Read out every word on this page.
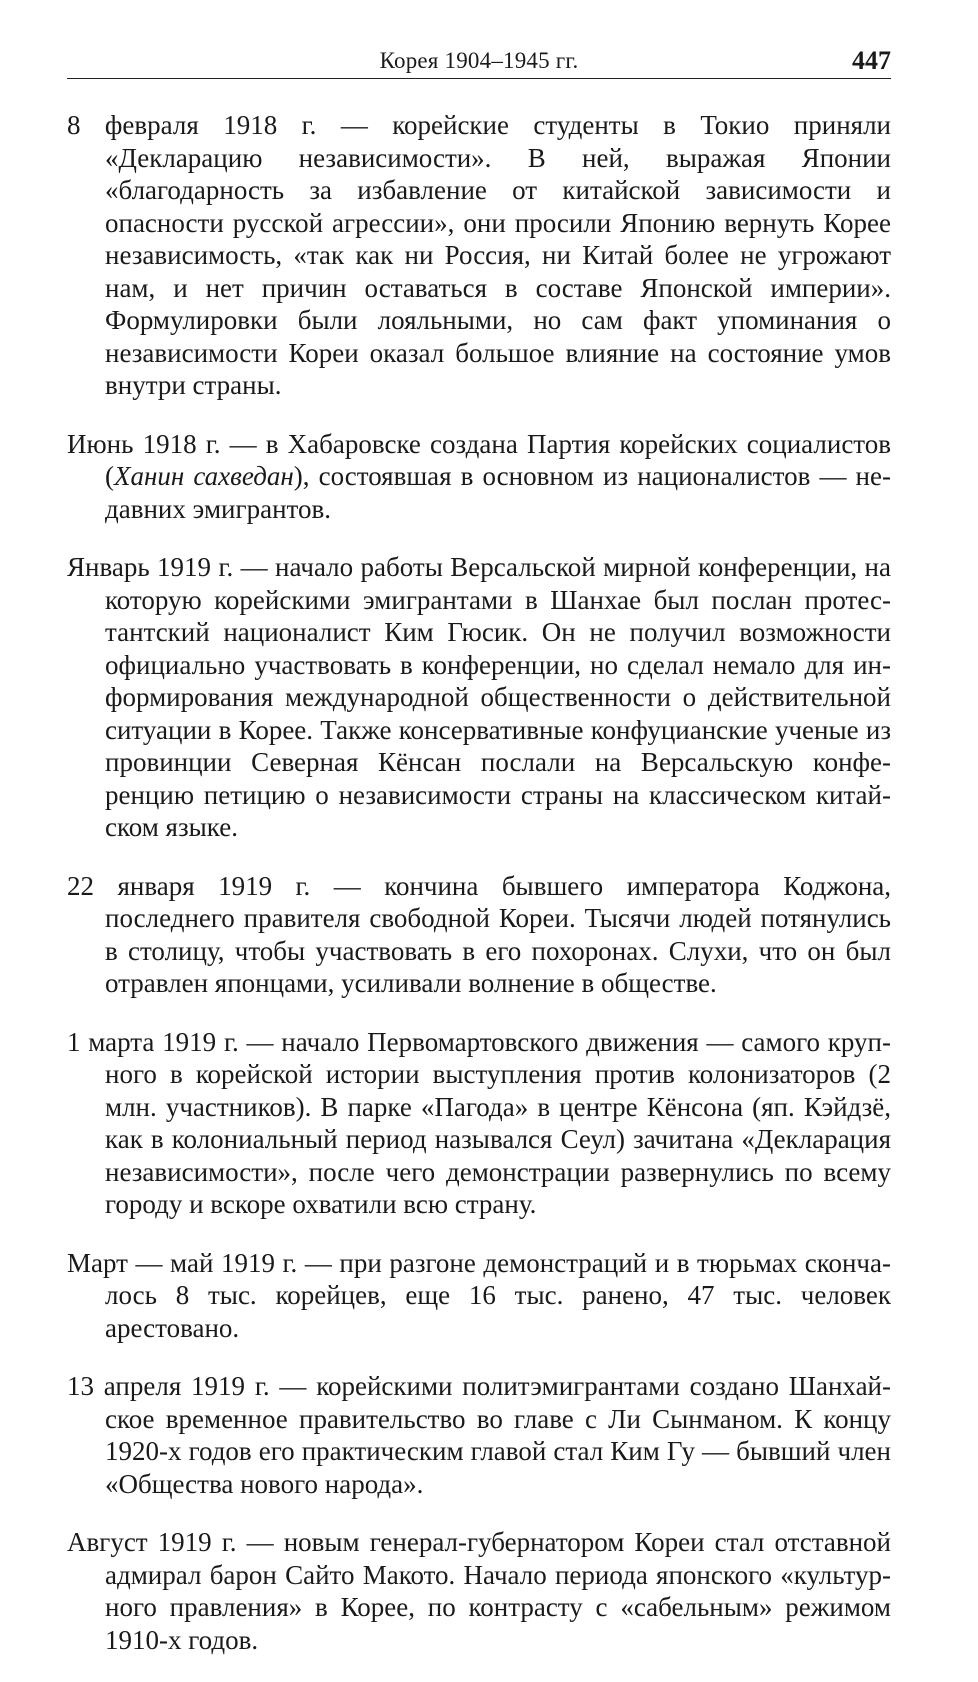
Корея 1904–1945 гг.	447

8 февраля 1918 г. — корейские студенты в Токио приняли «Декларацию независимости». В ней, выражая Японии «благодарность за избавление от китайской зависимости и опасности русской агрессии», они просили Японию вернуть Корее независимость, «так как ни Россия, ни Китай более не угрожают нам, и нет причин оставаться в составе Японской империи». Формулировки были лояльными, но сам факт упоминания о независимости Кореи оказал большое влияние на состояние умов внутри страны.

Июнь 1918 г. — в Хабаровске создана Партия корейских социалистов (Ханин сахведан), состоявшая в основном из националистов — недавних эмигрантов.

Январь 1919 г. — начало работы Версальской мирной конференции, на которую корейскими эмигрантами в Шанхае был послан протестантский националист Ким Гюсик. Он не получил возможности официально участвовать в конференции, но сделал немало для информирования международной общественности о действительной ситуации в Корее. Также консервативные конфуцианские ученые из провинции Северная Кёнсан послали на Версальскую конференцию петицию о независимости страны на классическом китайском языке.

22 января 1919 г. — кончина бывшего императора Коджона, последнего правителя свободной Кореи. Тысячи людей потянулись в столицу, чтобы участвовать в его похоронах. Слухи, что он был отравлен японцами, усиливали волнение в обществе.

1 марта 1919 г. — начало Первомартовского движения — самого крупного в корейской истории выступления против колонизаторов (2 млн. участников). В парке «Пагода» в центре Кёнсона (яп. Кэйдзё, как в колониальный период назывался Сеул) зачитана «Декларация независимости», после чего демонстрации развернулись по всему городу и вскоре охватили всю страну.

Март — май 1919 г. — при разгоне демонстраций и в тюрьмах скончалось 8 тыс. корейцев, еще 16 тыс. ранено, 47 тыс. человек арестовано.

13 апреля 1919 г. — корейскими политэмигрантами создано Шанхайское временное правительство во главе с Ли Сынманом. К концу 1920-х годов его практическим главой стал Ким Гу — бывший член «Общества нового народа».

Август 1919 г. — новым генерал-губернатором Кореи стал отставной адмирал барон Сайто Макото. Начало периода японского «культурного правления» в Корее, по контрасту с «сабельным» режимом 1910-х годов.
